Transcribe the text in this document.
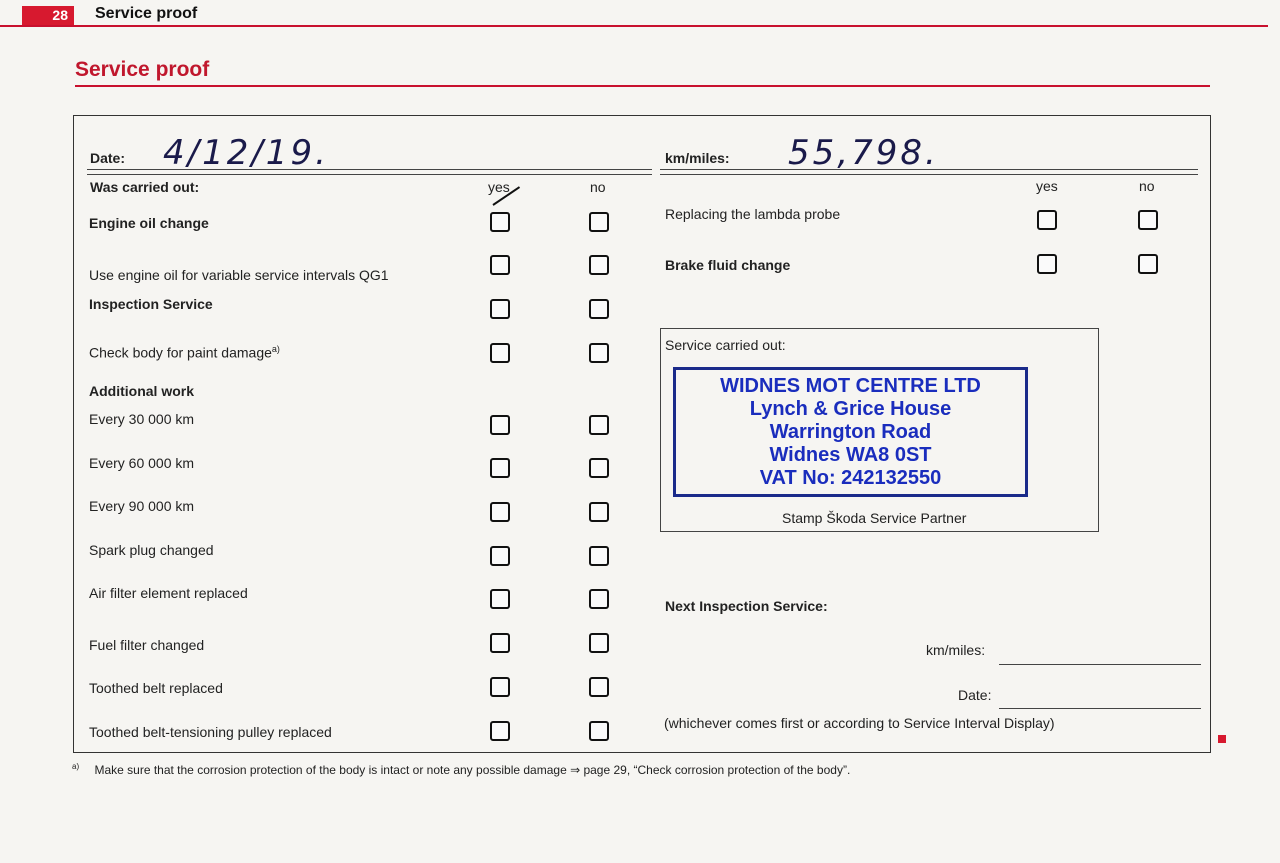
28	Service proof
Service proof
Date: 4/12/19.
Was carried out:	yes	no
Engine oil change
Use engine oil for variable service intervals QG1
Inspection Service
Check body for paint damage$^{a)}$
Additional work
Every 30 000 km
Every 60 000 km
Every 90 000 km
Spark plug changed
Air filter element replaced
Fuel filter changed
Toothed belt replaced
Toothed belt-tensioning pulley replaced
km/miles: 55,798.
yes	no
Replacing the lambda probe
Brake fluid change
Service carried out:
WIDNES MOT CENTRE LTD
Lynch & Grice House
Warrington Road
Widnes WA8 0ST
VAT No: 242132550
Stamp Škoda Service Partner
Next Inspection Service:
km/miles:
Date:
(whichever comes first or according to Service Interval Display)
$^{a)}$ Make sure that the corrosion protection of the body is intact or note any possible damage ⇒ page 29, “Check corrosion protection of the body”.
